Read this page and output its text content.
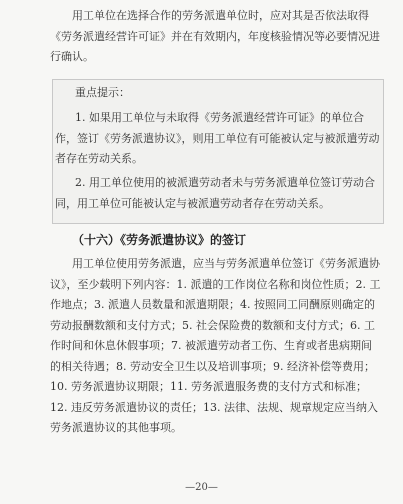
用工单位在选择合作的劳务派遣单位时，应对其是否依法取得《劳务派遣经营许可证》并在有效期内，年度核验情况等必要情况进行确认。

重点提示：

1. 如果用工单位与未取得《劳务派遣经营许可证》的单位合作，签订《劳务派遣协议》，则用工单位有可能被认定与被派遣劳动者存在劳动关系。

2. 用工单位使用的被派遣劳动者未与劳务派遣单位签订劳动合同，用工单位可能被认定与被派遣劳动者存在劳动关系。

（十六）《劳务派遣协议》的签订

用工单位使用劳务派遣，应当与劳务派遣单位签订《劳务派遣协议》，至少载明下列内容：1. 派遣的工作岗位名称和岗位性质；2. 工作地点；3. 派遣人员数量和派遣期限；4. 按照同工同酬原则确定的劳动报酬数额和支付方式；5. 社会保险费的数额和支付方式；6. 工作时间和休息休假事项；7. 被派遣劳动者工伤、生育或者患病期间的相关待遇；8. 劳动安全卫生以及培训事项；9. 经济补偿等费用；10. 劳务派遣协议期限；11. 劳务派遣服务费的支付方式和标准；12. 违反劳务派遣协议的责任；13. 法律、法规、规章规定应当纳入劳务派遣协议的其他事项。

—20—
